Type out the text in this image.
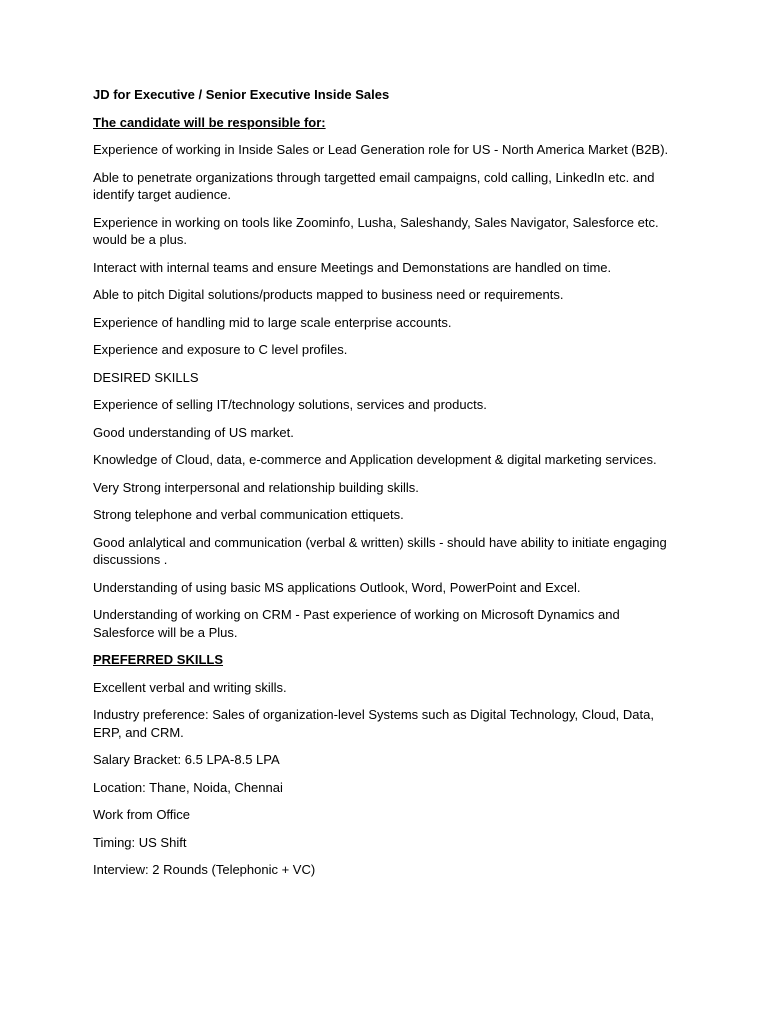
JD for Executive / Senior Executive Inside Sales

The candidate will be responsible for:

Experience of working in Inside Sales or Lead Generation role for US - North America Market (B2B).

Able to penetrate organizations through targetted email campaigns, cold calling, LinkedIn etc. and identify target audience.

Experience in working on tools like Zoominfo, Lusha, Saleshandy, Sales Navigator, Salesforce etc. would be a plus.

Interact with internal teams and ensure Meetings and Demonstations are handled on time.

Able to pitch Digital solutions/products mapped to business need or requirements.

Experience of handling mid to large scale enterprise accounts.

Experience and exposure to C level profiles.

DESIRED SKILLS

Experience of selling IT/technology solutions, services and products.

Good understanding of US market.

Knowledge of Cloud, data, e-commerce and Application development & digital marketing services.

Very Strong interpersonal and relationship building skills.

Strong telephone and verbal communication ettiquets.

Good anlalytical and communication (verbal & written) skills - should have ability to initiate engaging discussions .

Understanding of using basic MS applications Outlook, Word, PowerPoint and Excel.

Understanding of working on CRM - Past experience of working on Microsoft Dynamics and Salesforce will be a Plus.

PREFERRED SKILLS

Excellent verbal and writing skills.

Industry preference: Sales of organization-level Systems such as Digital Technology, Cloud, Data, ERP, and CRM.

Salary Bracket: 6.5 LPA-8.5 LPA

Location: Thane, Noida, Chennai

Work from Office

Timing: US Shift

Interview: 2 Rounds (Telephonic + VC)
